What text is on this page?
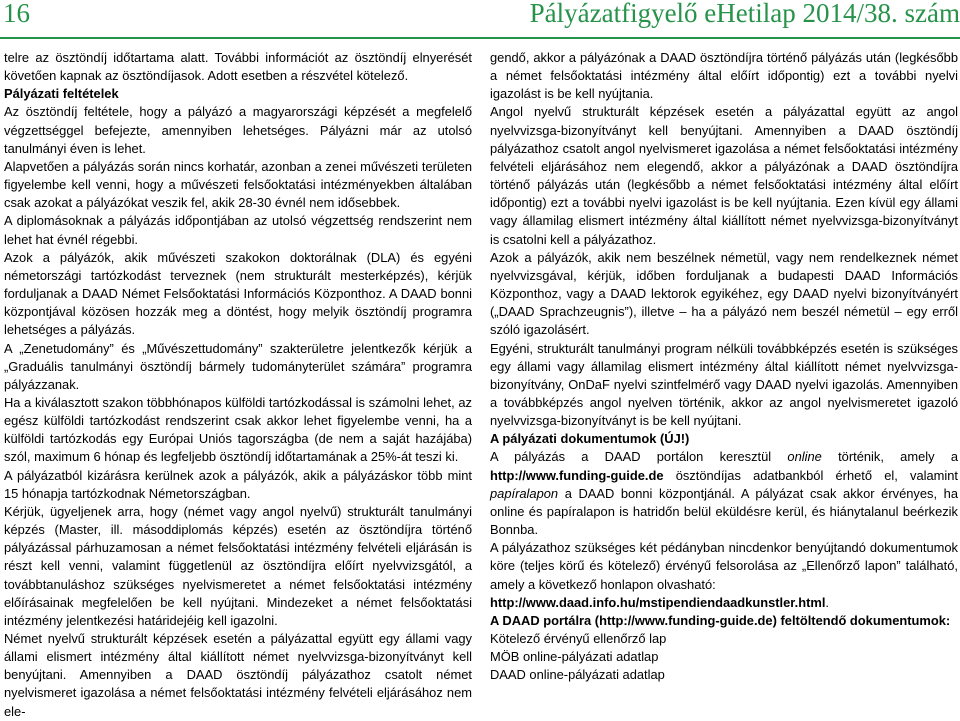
16	Pályázatfigyelő eHetilap 2014/38. szám

telre az ösztöndíj időtartama alatt. További információt az ösztöndíj elnyerését követően kapnak az ösztöndíjasok. Adott esetben a részvétel kötelező.

Pályázati feltételek

Az ösztöndíj feltétele, hogy a pályázó a magyarországi képzését a megfelelő végzettséggel befejezte, amennyiben lehetséges. Pályázni már az utolsó tanulmányi éven is lehet.

Alapvetően a pályázás során nincs korhatár, azonban a zenei művészeti területen figyelembe kell venni, hogy a művészeti felsőoktatási intézményekben általában csak azokat a pályázókat veszik fel, akik 28-30 évnél nem idősebbek.

A diplomásoknak a pályázás időpontjában az utolsó végzettség rendszerint nem lehet hat évnél régebbi.

Azok a pályázók, akik művészeti szakokon doktorálnak (DLA) és egyéni németországi tartózkodást terveznek (nem strukturált mesterképzés), kérjük forduljanak a DAAD Német Felsőoktatási Információs Központhoz. A DAAD bonni központjával közösen hozzák meg a döntést, hogy melyik ösztöndíj programra lehetséges a pályázás.

A „Zenetudomány” és „Művészettudomány” szakterületre jelentkezők kérjük a „Graduális tanulmányi ösztöndíj bármely tudományterület számára” programra pályázzanak.

Ha a kiválasztott szakon többhónapos külföldi tartózkodással is számolni lehet, az egész külföldi tartózkodást rendszerint csak akkor lehet figyelembe venni, ha a külföldi tartózkodás egy Európai Uniós tagországba (de nem a saját hazájába) szól, maximum 6 hónap és legfeljebb ösztöndíj időtartamának a 25%-át teszi ki.

A pályázatból kizárásra kerülnek azok a pályázók, akik a pályázáskor több mint 15 hónapja tartózkodnak Németországban.

Kérjük, ügyeljenek arra, hogy (német vagy angol nyelvű) strukturált tanulmányi képzés (Master, ill. másoddiplomás képzés) esetén az ösztöndíjra történő pályázással párhuzamosan a német felsőoktatási intézmény felvételi eljárásán is részt kell venni, valamint függetlenül az ösztöndíjra előírt nyelvvizsgától, a továbbtanuláshoz szükséges nyelvismeretet a német felsőoktatási intézmény előírásainak megfelelően be kell nyújtani. Mindezeket a német felsőoktatási intézmény jelentkezési határidejéig kell igazolni.

Német nyelvű strukturált képzések esetén a pályázattal együtt egy állami vagy állami elismert intézmény által kiállított német nyelvvizsga-bizonyítványt kell benyújtani. Amennyiben a DAAD ösztöndíj pályázathoz csatolt német nyelvismeret igazolása a német felsőoktatási intézmény felvételi eljárásához nem ele-

gendő, akkor a pályázónak a DAAD ösztöndíjra történő pályázás után (legkésőbb a német felsőoktatási intézmény által előírt időpontig) ezt a további nyelvi igazolást is be kell nyújtania.

Angol nyelvű strukturált képzések esetén a pályázattal együtt az angol nyelvvizsga-bizonyítványt kell benyújtani. Amennyiben a DAAD ösztöndíj pályázathoz csatolt angol nyelvismeret igazolása a német felsőoktatási intézmény felvételi eljárásához nem elegendő, akkor a pályázónak a DAAD ösztöndíjra történő pályázás után (legkésőbb a német felsőoktatási intézmény által előírt időpontig) ezt a további nyelvi igazolást is be kell nyújtania. Ezen kívül egy állami vagy államilag elismert intézmény által kiállított német nyelvvizsga-bizonyítványt is csatolni kell a pályázathoz.

Azok a pályázók, akik nem beszélnek németül, vagy nem rendelkeznek német nyelvvizsgával, kérjük, időben forduljanak a budapesti DAAD Információs Központhoz, vagy a DAAD lektorok egyikéhez, egy DAAD nyelvi bizonyítványért („DAAD Sprachzeugnis”), illetve – ha a pályázó nem beszél németül – egy erről szóló igazolásért.

Egyéni, strukturált tanulmányi program nélküli továbbképzés esetén is szükséges egy állami vagy államilag elismert intézmény által kiállított német nyelvvizsga-bizonyítvány, OnDaF nyelvi szintfelmérő vagy DAAD nyelvi igazolás. Amennyiben a továbbképzés angol nyelven történik, akkor az angol nyelvismeretet igazoló nyelvvizsga-bizonyítványt is be kell nyújtani.

A pályázati dokumentumok (ÚJ!)

A pályázás a DAAD portálon keresztül online történik, amely a http://www.funding-guide.de ösztöndíjas adatbankból érhető el, valamint papíralapon a DAAD bonni központjánál. A pályázat csak akkor érvényes, ha online és papíralapon is hatridőn belül eküldésre kerül, és hiánytalanul beérkezik Bonnba.

A pályázathoz szükséges két pédányban nincdenkor benyújtandó dokumentumok köre (teljes körű és kötelező) érvényű felsorolása az „Ellenőrző lapon” található, amely a következő honlapon olvasható:

http://www.daad.info.hu/mstipendiendaadkunstler.html.

A DAAD portálra (http://www.funding-guide.de) feltöltendő dokumentumok:

Kötelező érvényű ellenőrző lap

MÖB online-pályázati adatlap

DAAD online-pályázati adatlap
